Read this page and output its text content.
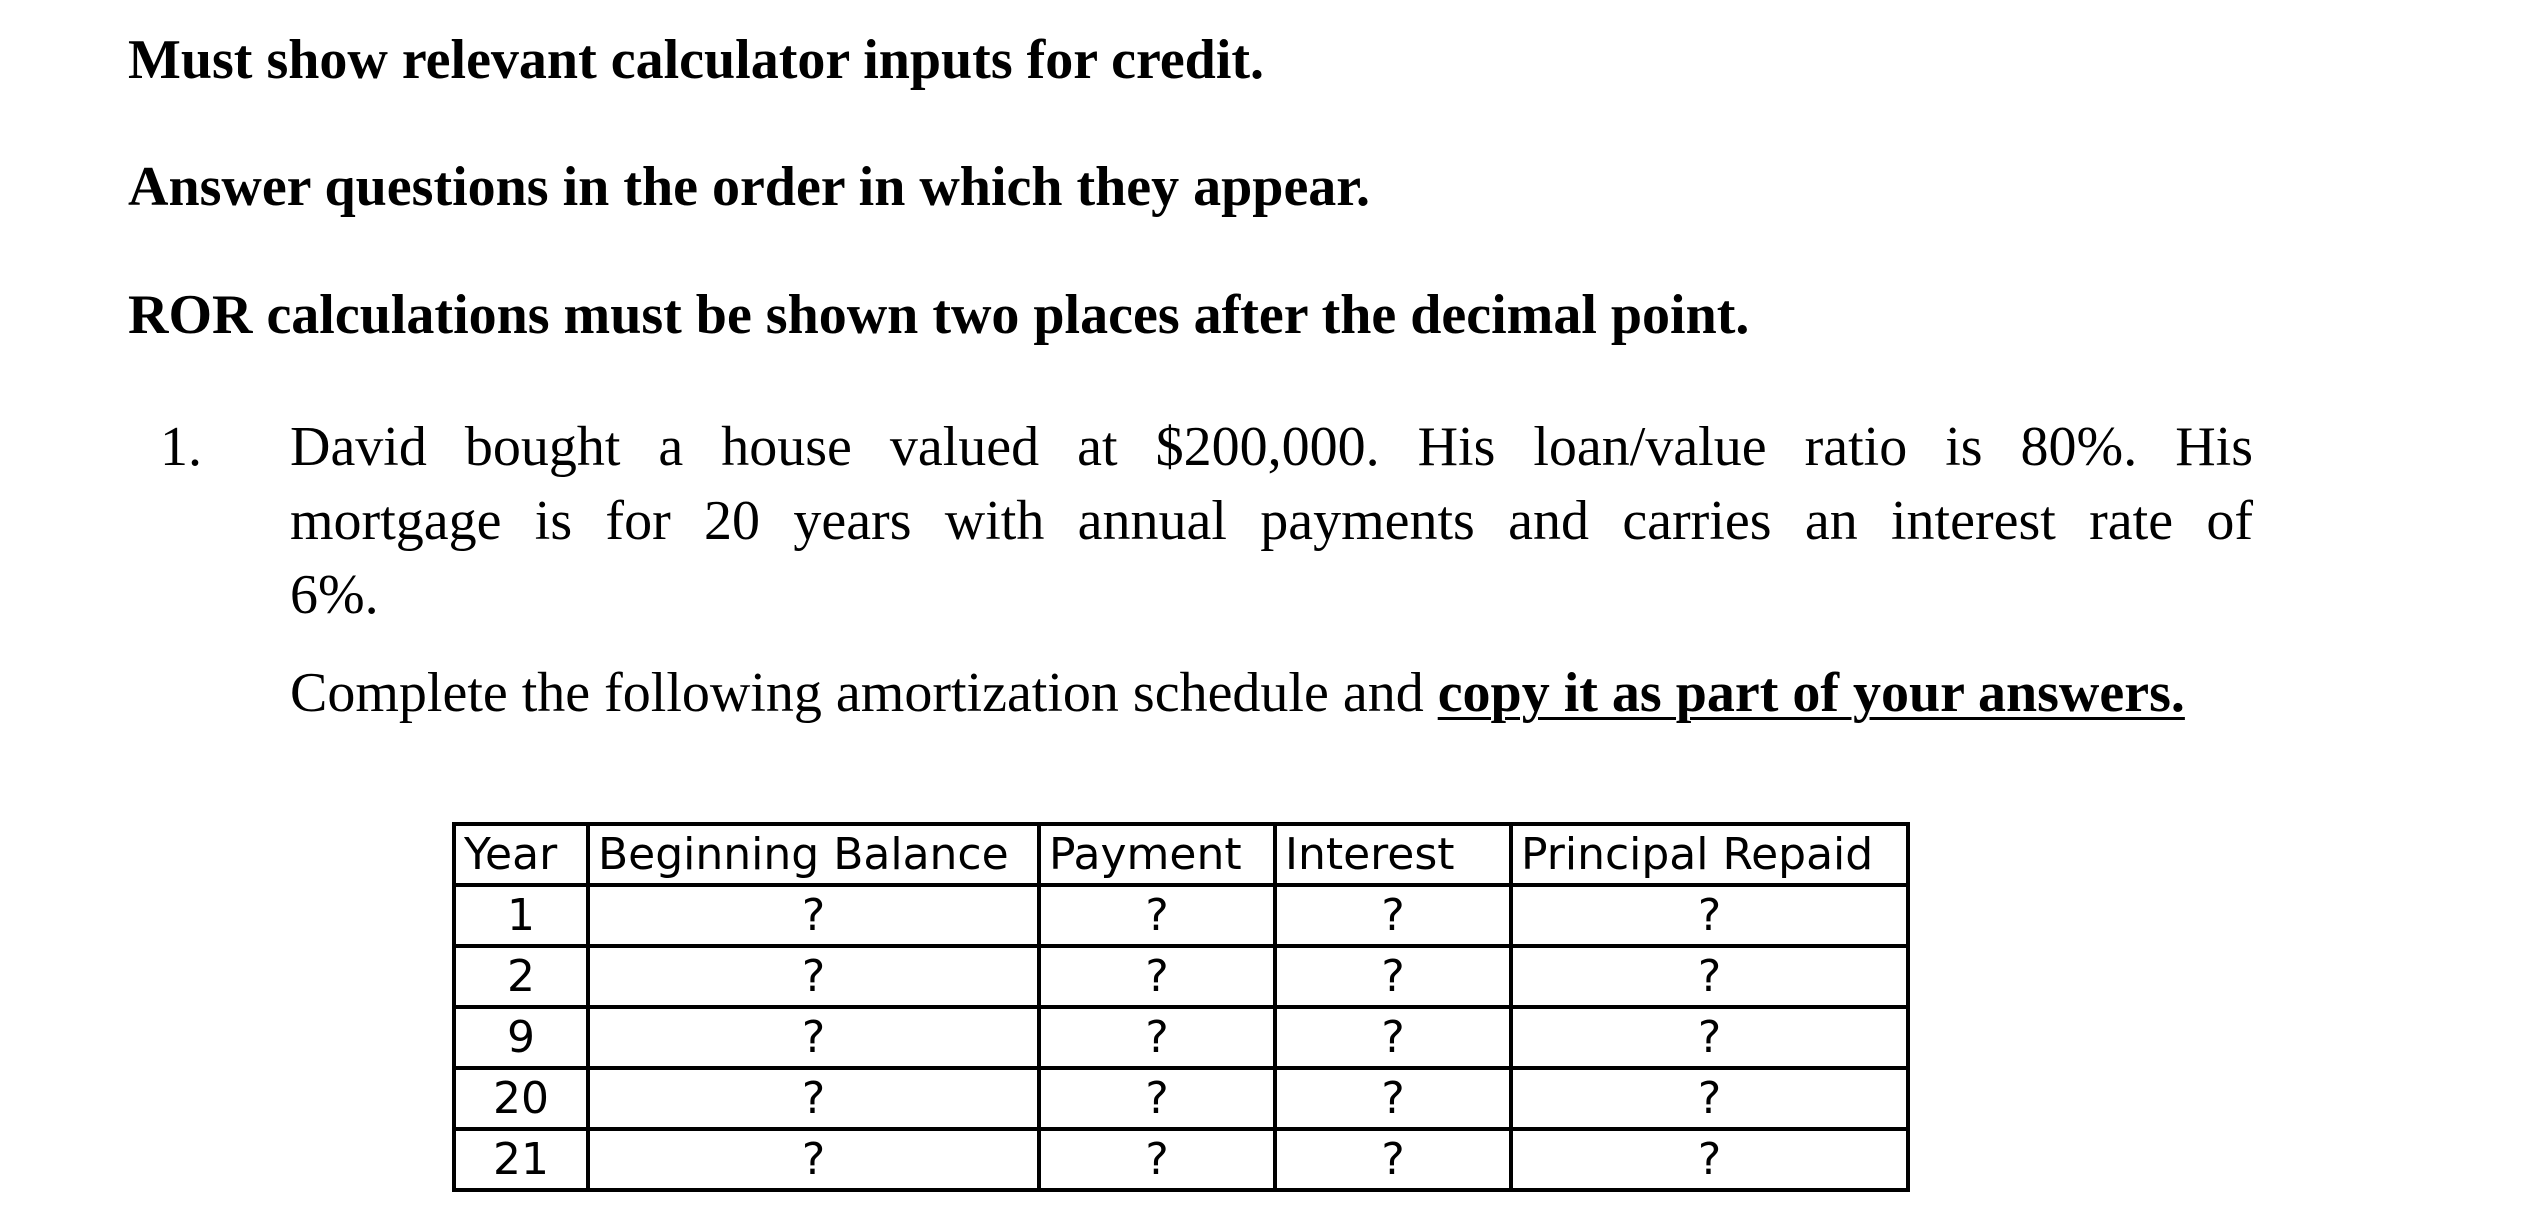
Must show relevant calculator inputs for credit.

Answer questions in the order in which they appear.

ROR calculations must be shown two places after the decimal point.

1. David bought a house valued at $200,000. His loan/value ratio is 80%. His
mortgage is for 20 years with annual payments and carries an interest rate of
6%.
Complete the following amortization schedule and copy it as part of your answers.
Year	Beginning Balance	Payment	Interest	Principal Repaid
1	?	?	?	?
2	?	?	?	?
9	?	?	?	?
20	?	?	?	?
21	?	?	?	?
